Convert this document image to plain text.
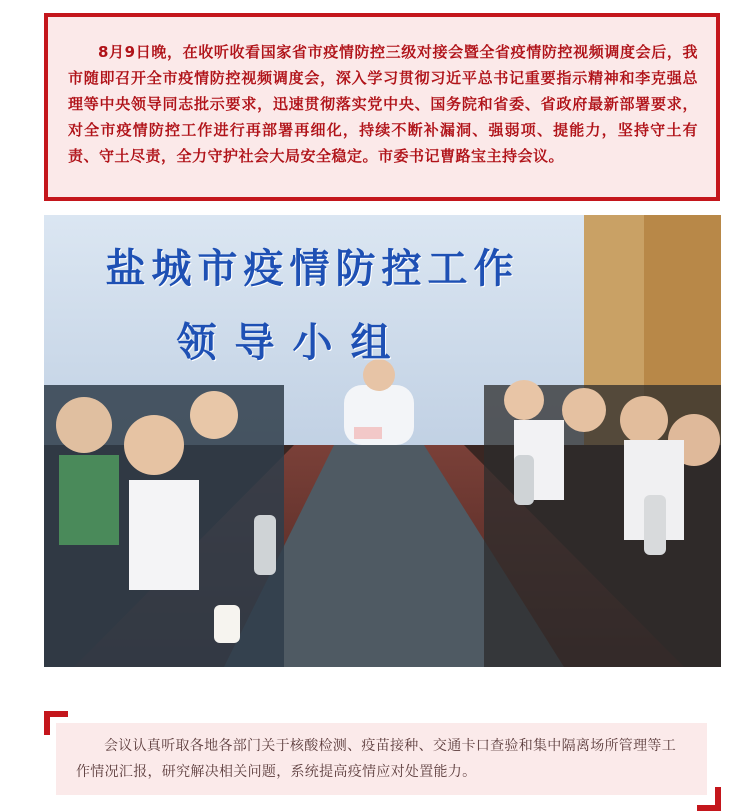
8月9日晚，在收听收看国家省市疫情防控三级对接会暨全省疫情防控视频调度会后，我市随即召开全市疫情防控视频调度会，深入学习贯彻习近平总书记重要指示精神和李克强总理等中央领导同志批示要求，迅速贯彻落实党中央、国务院和省委、省政府最新部署要求，对全市疫情防控工作进行再部署再细化，持续不断补漏洞、强弱项、提能力，坚持守土有责、守土尽责，全力守护社会大局安全稳定。市委书记曹路宝主持会议。

盐城市疫情防控工作
领导小组

会议认真听取各地各部门关于核酸检测、疫苗接种、交通卡口查验和集中隔离场所管理等工作情况汇报，研究解决相关问题，系统提高疫情应对处置能力。
